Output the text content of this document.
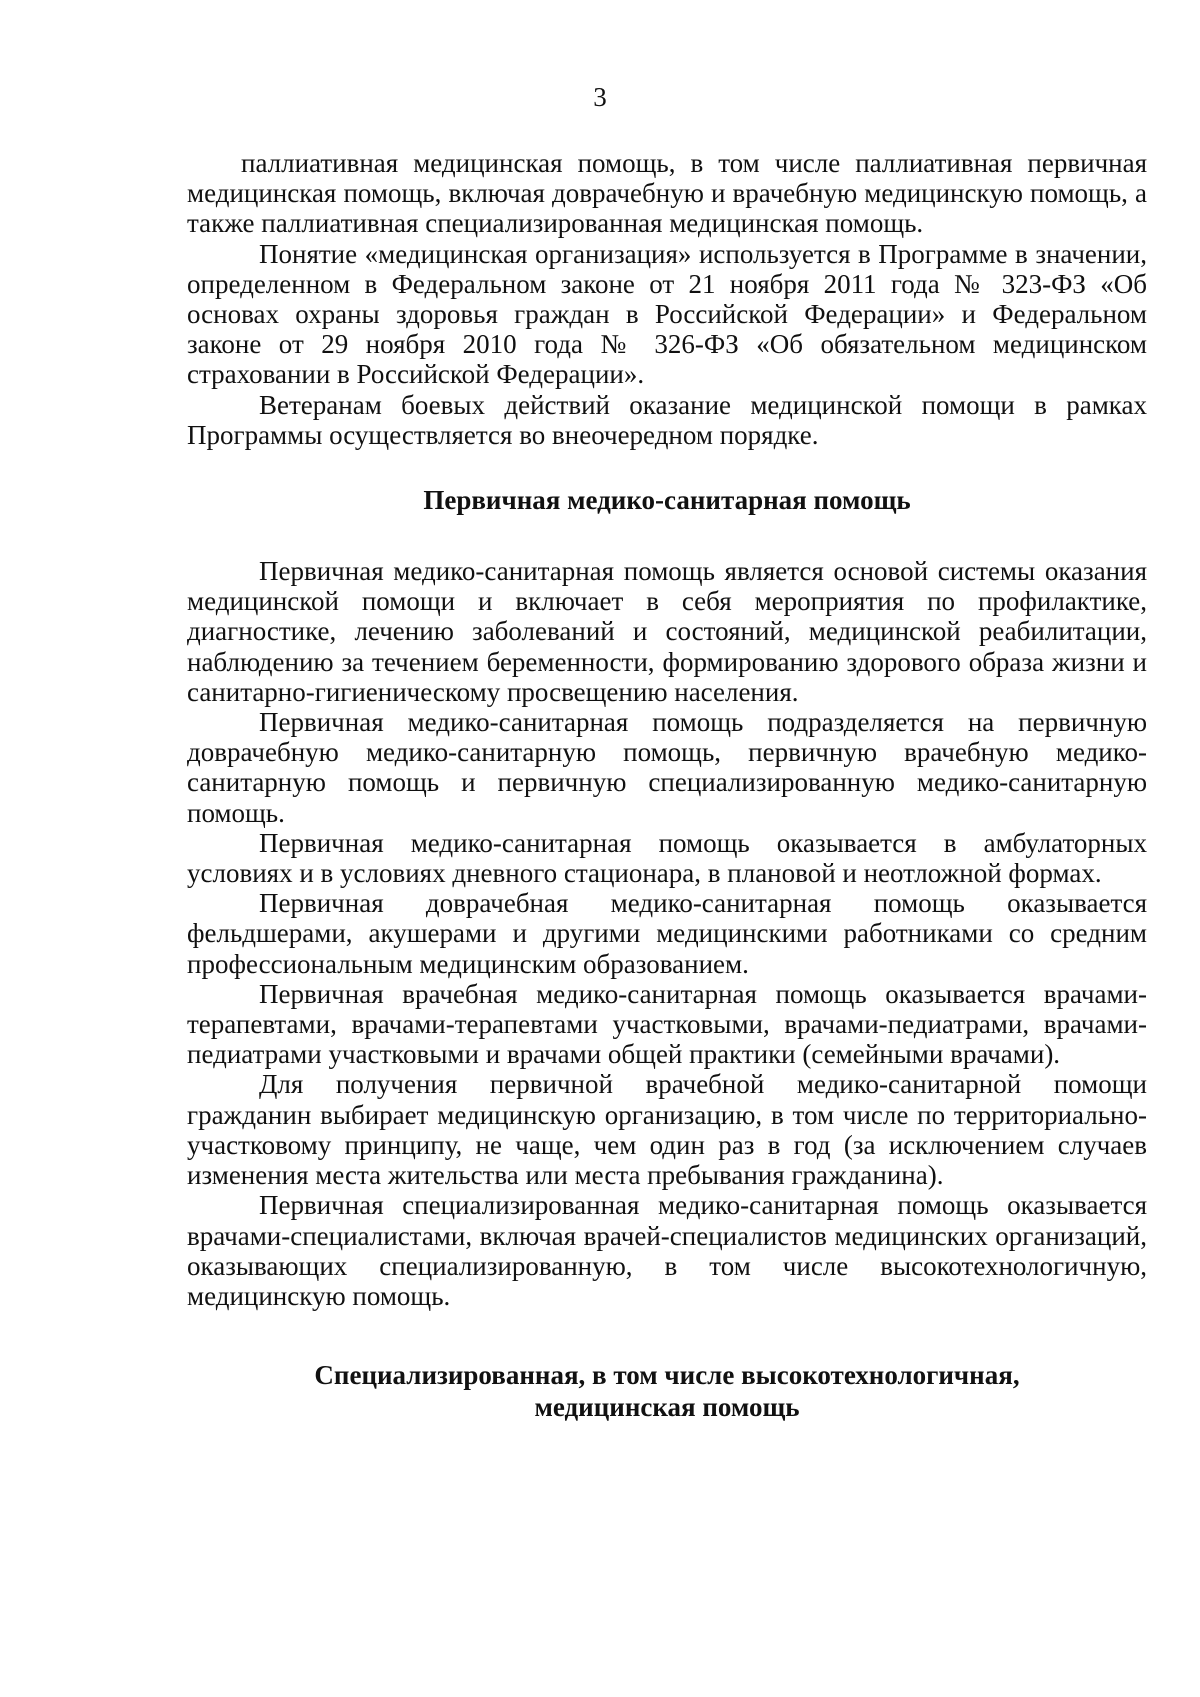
3

паллиативная медицинская помощь, в том числе паллиативная первичная медицинская помощь, включая доврачебную и врачебную медицинскую помощь, а также паллиативная специализированная медицинская помощь.

Понятие «медицинская организация» используется в Программе в значении, определенном в Федеральном законе от 21 ноября 2011 года № 323-ФЗ «Об основах охраны здоровья граждан в Российской Федерации» и Федеральном законе от 29 ноября 2010 года № 326-ФЗ «Об обязательном медицинском страховании в Российской Федерации».

Ветеранам боевых действий оказание медицинской помощи в рамках Программы осуществляется во внеочередном порядке.

Первичная медико-санитарная помощь

Первичная медико-санитарная помощь является основой системы оказания медицинской помощи и включает в себя мероприятия по профилактике, диагностике, лечению заболеваний и состояний, медицинской реабилитации, наблюдению за течением беременности, формированию здорового образа жизни и санитарно-гигиеническому просвещению населения.

Первичная медико-санитарная помощь подразделяется на первичную доврачебную медико-санитарную помощь, первичную врачебную медико-санитарную помощь и первичную специализированную медико-санитарную помощь.

Первичная медико-санитарная помощь оказывается в амбулаторных условиях и в условиях дневного стационара, в плановой и неотложной формах.

Первичная доврачебная медико-санитарная помощь оказывается фельдшерами, акушерами и другими медицинскими работниками со средним профессиональным медицинским образованием.

Первичная врачебная медико-санитарная помощь оказывается врачами-терапевтами, врачами-терапевтами участковыми, врачами-педиатрами, врачами-педиатрами участковыми и врачами общей практики (семейными врачами).

Для получения первичной врачебной медико-санитарной помощи гражданин выбирает медицинскую организацию, в том числе по территориально-участковому принципу, не чаще, чем один раз в год (за исключением случаев изменения места жительства или места пребывания гражданина).

Первичная специализированная медико-санитарная помощь оказывается врачами-специалистами, включая врачей-специалистов медицинских организаций, оказывающих специализированную, в том числе высокотехнологичную, медицинскую помощь.

Специализированная, в том числе высокотехнологичная,
медицинская помощь
